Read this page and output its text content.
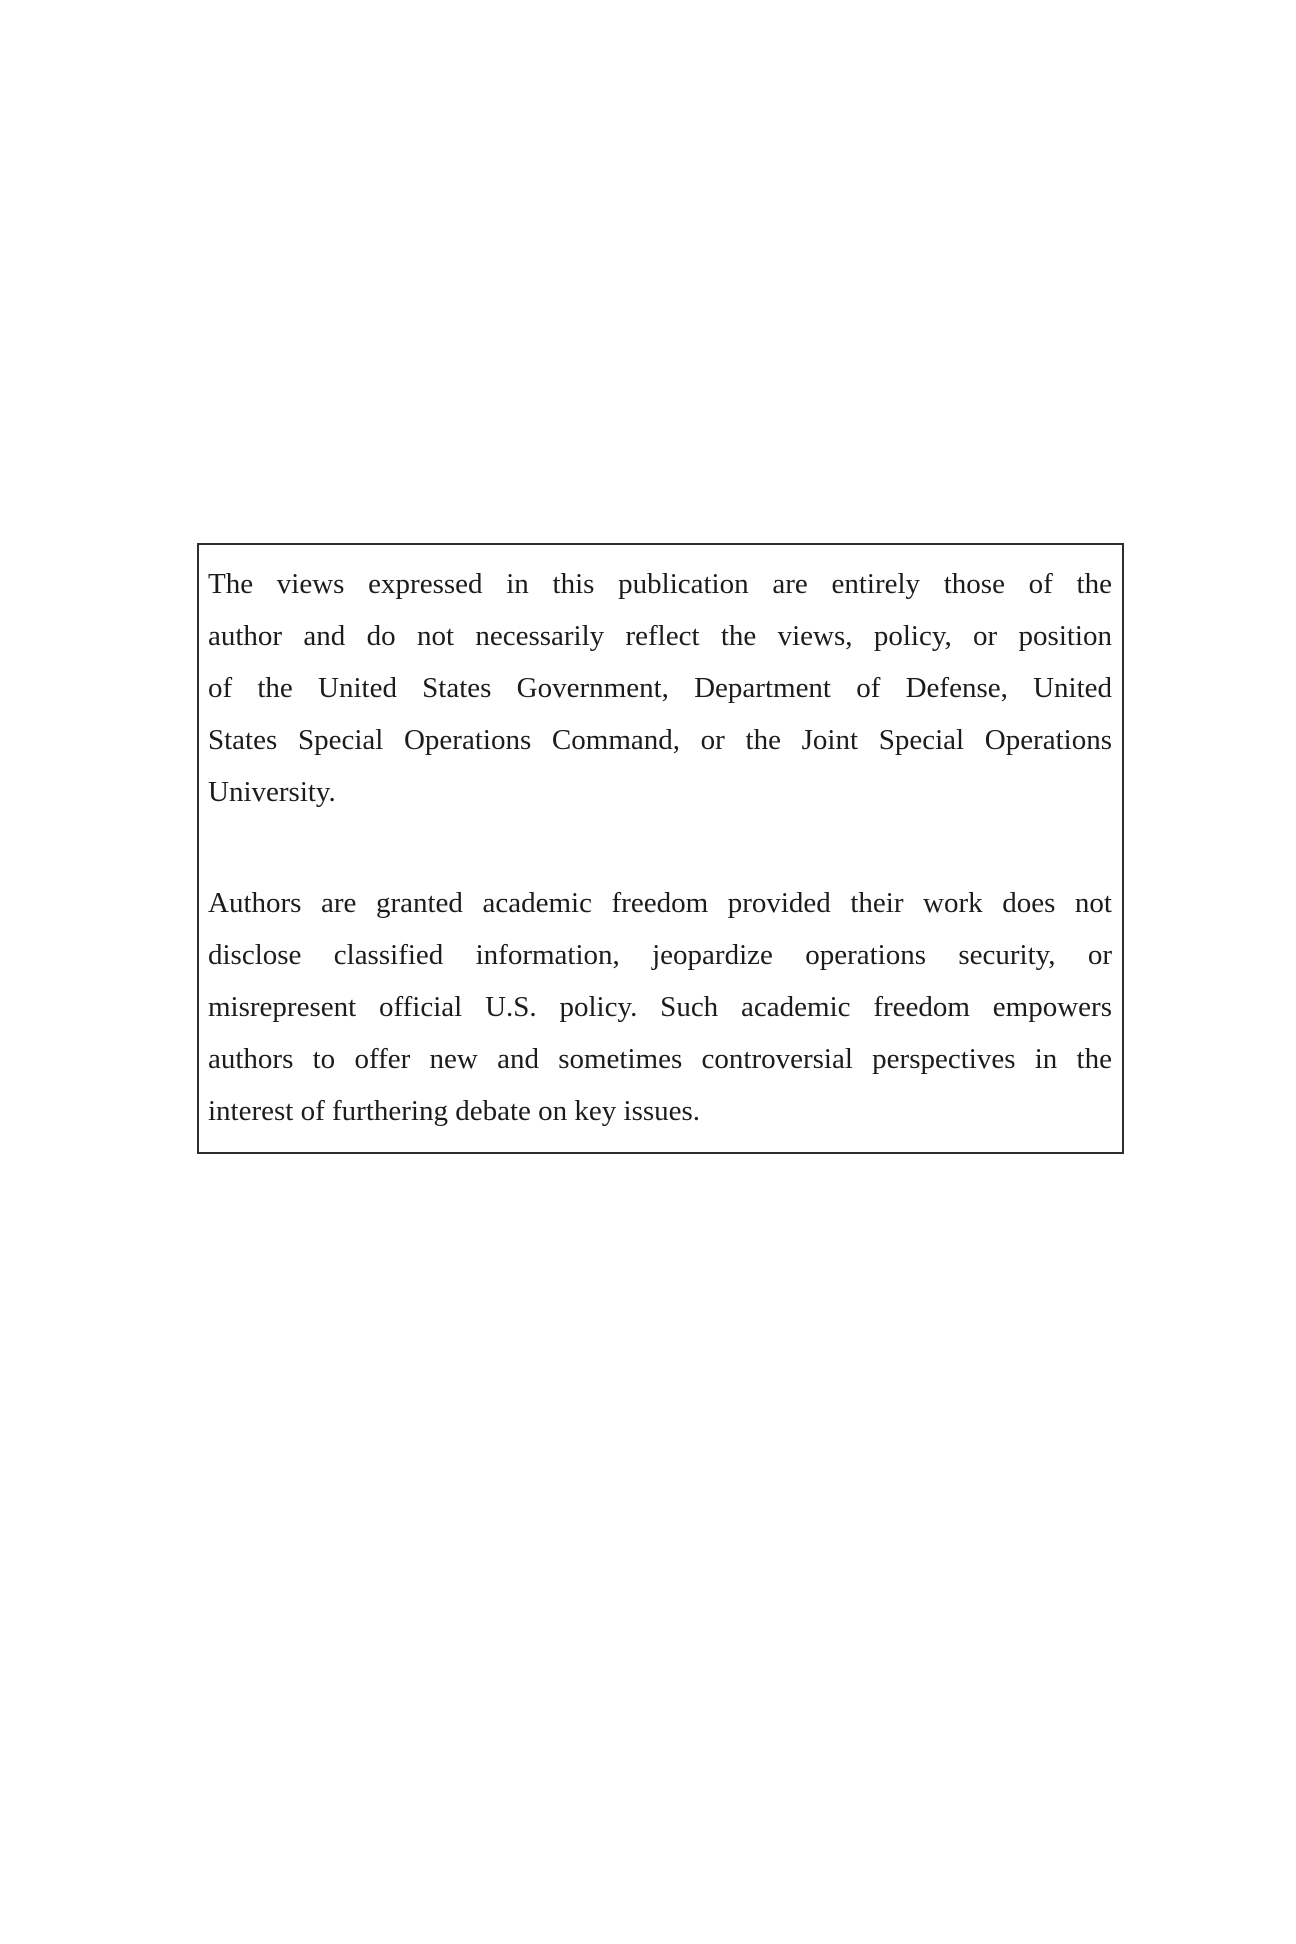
The views expressed in this publication are entirely those of the
author and do not necessarily reflect the views, policy, or position
of the United States Government, Department of Defense, United
States Special Operations Command, or the Joint Special Operations
University.
Authors are granted academic freedom provided their work does not
disclose classified information, jeopardize operations security, or
misrepresent official U.S. policy. Such academic freedom empowers
authors to offer new and sometimes controversial perspectives in the
interest of furthering debate on key issues.
